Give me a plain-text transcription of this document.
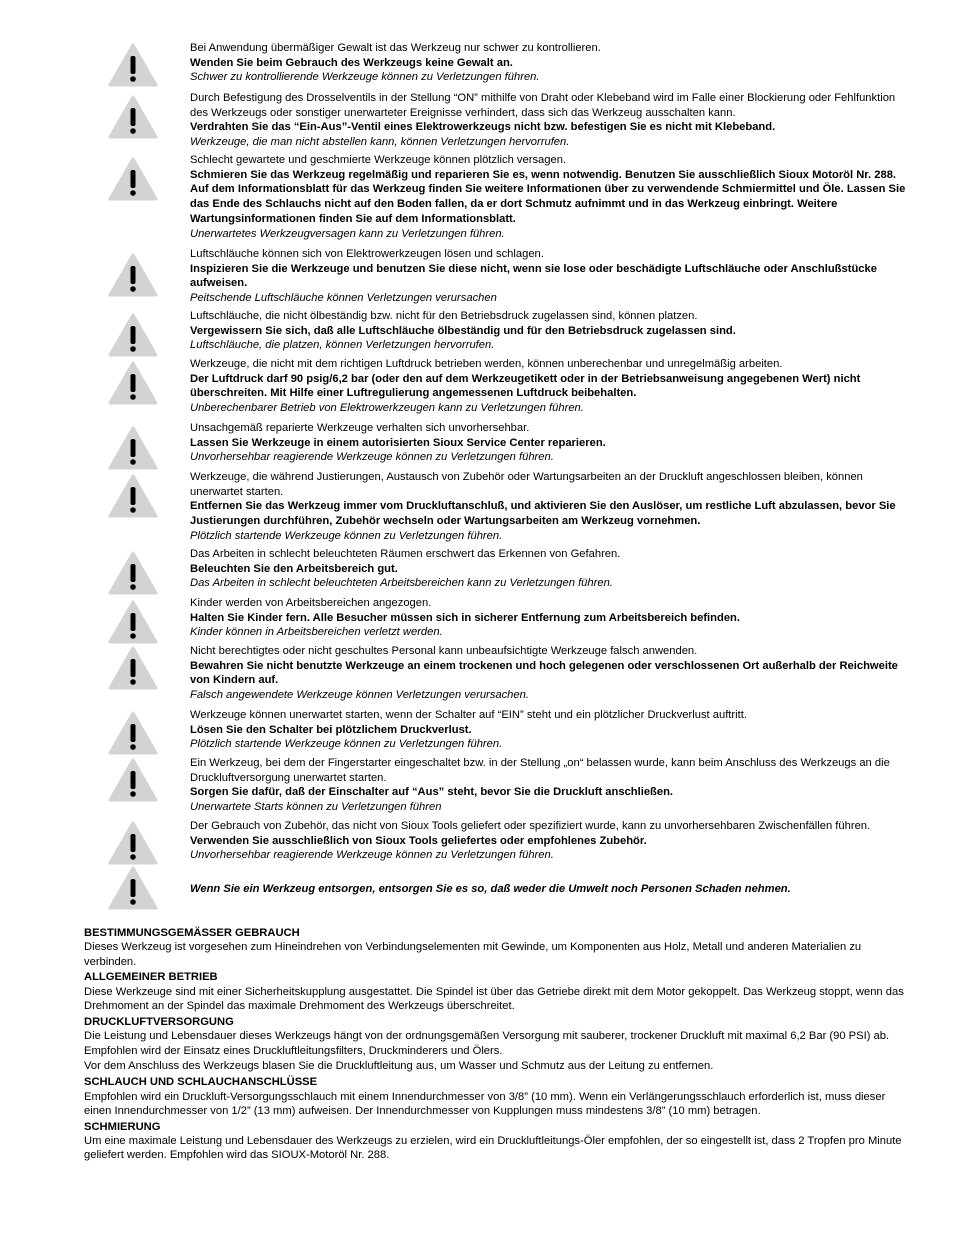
Bei Anwendung übermäßiger Gewalt ist das Werkzeug nur schwer zu kontrollieren.
Wenden Sie beim Gebrauch des Werkzeugs keine Gewalt an.
Schwer zu kontrollierende Werkzeuge können zu Verletzungen führen.
Durch Befestigung des Drosselventils in der Stellung “ON” mithilfe von Draht oder Klebeband wird im Falle einer Blockierung oder Fehlfunktion des Werkzeugs oder sonstiger unerwarteter Ereignisse verhindert, dass sich das Werkzeug ausschalten kann.
Verdrahten Sie das “Ein-Aus”-Ventil eines Elektrowerkzeugs nicht bzw. befestigen Sie es nicht mit Klebeband.
Werkzeuge, die man nicht abstellen kann, können Verletzungen hervorrufen.
Schlecht gewartete und geschmierte Werkzeuge können plötzlich versagen.
Schmieren Sie das Werkzeug regelmäßig und reparieren Sie es, wenn notwendig. Benutzen Sie ausschließlich Sioux Motoröl Nr. 288. Auf dem Informationsblatt für das Werkzeug finden Sie weitere Informationen über zu verwendende Schmiermittel und Öle. Lassen Sie das Ende des Schlauchs nicht auf den Boden fallen, da er dort Schmutz aufnimmt und in das Werkzeug einbringt. Weitere Wartungsinformationen finden Sie auf dem Informationsblatt.
Unerwartetes Werkzeugversagen kann zu Verletzungen führen.
Luftschläuche können sich von Elektrowerkzeugen lösen und schlagen.
Inspizieren Sie die Werkzeuge und benutzen Sie diese nicht, wenn sie lose oder beschädigte Luftschläuche oder Anschlußstücke aufweisen.
Peitschende Luftschläuche können Verletzungen verursachen
Luftschläuche, die nicht ölbeständig bzw. nicht für den Betriebsdruck zugelassen sind, können platzen.
Vergewissern Sie sich, daß alle Luftschläuche ölbeständig und für den Betriebsdruck zugelassen sind.
Luftschläuche, die platzen, können Verletzungen hervorrufen.
Werkzeuge, die nicht mit dem richtigen Luftdruck betrieben werden, können unberechenbar und unregelmäßig arbeiten.
Der Luftdruck darf 90 psig/6,2 bar (oder den auf dem Werkzeugetikett oder in der Betriebsanweisung angegebenen Wert) nicht überschreiten. Mit Hilfe einer Luftregulierung angemessenen Luftdruck beibehalten.
Unberechenbarer Betrieb von Elektrowerkzeugen kann zu Verletzungen führen.
Unsachgemäß reparierte Werkzeuge verhalten sich unvorhersehbar.
Lassen Sie Werkzeuge in einem autorisierten Sioux Service Center reparieren.
Unvorhersehbar reagierende Werkzeuge können zu Verletzungen führen.
Werkzeuge, die während Justierungen, Austausch von Zubehör oder Wartungsarbeiten an der Druckluft angeschlossen bleiben, können unerwartet starten.
Entfernen Sie das Werkzeug immer vom Druckluftanschluß, und aktivieren Sie den Auslöser, um restliche Luft abzulassen, bevor Sie Justierungen durchführen, Zubehör wechseln oder Wartungsarbeiten am Werkzeug vornehmen.
Plötzlich startende Werkzeuge können zu Verletzungen führen.
Das Arbeiten in schlecht beleuchteten Räumen erschwert das Erkennen von Gefahren.
Beleuchten Sie den Arbeitsbereich gut.
Das Arbeiten in schlecht beleuchteten Arbeitsbereichen kann zu Verletzungen führen.
Kinder werden von Arbeitsbereichen angezogen.
Halten Sie Kinder fern. Alle Besucher müssen sich in sicherer Entfernung zum Arbeitsbereich befinden.
Kinder können in Arbeitsbereichen verletzt werden.
Nicht berechtigtes oder nicht geschultes Personal kann unbeaufsichtigte Werkzeuge falsch anwenden.
Bewahren Sie nicht benutzte Werkzeuge an einem trockenen und hoch gelegenen oder verschlossenen Ort außerhalb der Reichweite von Kindern auf.
Falsch angewendete Werkzeuge können Verletzungen verursachen.
Werkzeuge können unerwartet starten, wenn der Schalter auf “EIN” steht und ein plötzlicher Druckverlust auftritt.
Lösen Sie den Schalter bei plötzlichem Druckverlust.
Plötzlich startende Werkzeuge können zu Verletzungen führen.
Ein Werkzeug, bei dem der Fingerstarter eingeschaltet bzw. in der Stellung „on“ belassen wurde, kann beim Anschluss des Werkzeugs an die Druckluftversorgung unerwartet starten.
Sorgen Sie dafür, daß der Einschalter auf “Aus” steht, bevor Sie die Druckluft anschließen.
Unerwartete Starts können zu Verletzungen führen
Der Gebrauch von Zubehör, das nicht von Sioux Tools geliefert oder spezifiziert wurde, kann zu unvorhersehbaren Zwischenfällen führen.
Verwenden Sie ausschließlich von Sioux Tools geliefertes oder empfohlenes Zubehör.
Unvorhersehbar reagierende Werkzeuge können zu Verletzungen führen.
Wenn Sie ein Werkzeug entsorgen, entsorgen Sie es so, daß weder die Umwelt noch Personen Schaden nehmen.
BESTIMMUNGSGEMÄSSER GEBRAUCH

Dieses Werkzeug ist vorgesehen zum Hineindrehen von Verbindungselementen mit Gewinde, um Komponenten aus Holz, Metall und anderen Materialien zu verbinden.

ALLGEMEINER BETRIEB

Diese Werkzeuge sind mit einer Sicherheitskupplung ausgestattet. Die Spindel ist über das Getriebe direkt mit dem Motor gekoppelt. Das Werkzeug stoppt, wenn das Drehmoment an der Spindel das maximale Drehmoment des Werkzeugs überschreitet.

DRUCKLUFTVERSORGUNG

Die Leistung und Lebensdauer dieses Werkzeugs hängt von der ordnungsgemäßen Versorgung mit sauberer, trockener Druckluft mit maximal 6,2 Bar (90 PSI) ab. Empfohlen wird der Einsatz eines Druckluftleitungsfilters, Druckminderers und Ölers.

Vor dem Anschluss des Werkzeugs blasen Sie die Druckluftleitung aus, um Wasser und Schmutz aus der Leitung zu entfernen.

SCHLAUCH UND SCHLAUCHANSCHLÜSSE

Empfohlen wird ein Druckluft-Versorgungsschlauch mit einem Innendurchmesser von 3/8” (10 mm). Wenn ein Verlängerungsschlauch erforderlich ist, muss dieser einen Innendurchmesser von 1/2” (13 mm) aufweisen. Der Innendurchmesser von Kupplungen muss mindestens 3/8” (10 mm) betragen.

SCHMIERUNG

Um eine maximale Leistung und Lebensdauer des Werkzeugs zu erzielen, wird ein Druckluftleitungs-Öler empfohlen, der so eingestellt ist, dass 2 Tropfen pro Minute geliefert werden. Empfohlen wird das SIOUX-Motoröl Nr. 288.
